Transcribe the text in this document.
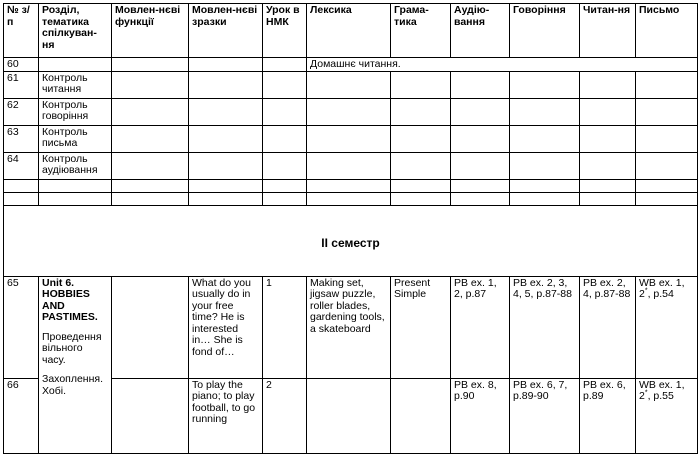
№ з/п	Розділ, тематика спілкуван-ня	Мовлен-нєві функції	Мовлен-нєві зразки	Урок в НМК	Лексика	Грама-тика	Аудію-вання	Говоріння	Читан-ня	Письмо
60					Домашнє читання.					
61	Контроль читання									
62	Контроль говоріння									
63	Контроль письма									
64	Контроль аудіювання									

ІІ семестр										
65	Unit 6. HOBBIES AND PASTIMES.
Проведення вільного часу.
Захоплення. Хобі.		What do you usually do in your free time? He is interested in… She is fond of…	1	Making set, jigsaw puzzle, roller blades, gardening tools, a skateboard	Present Simple	PB ex. 1, 2, p.87	PB ex. 2, 3, 4, 5, p.87-88	PB ex. 2, 4, p.87-88	WB ex. 1, 2*, p.54
66			To play the piano; to play football, to go running	2			PB ex. 8, p.90	PB ex. 6, 7, p.89-90	PB ex. 6, p.89	WB ex. 1, 2*, p.55
